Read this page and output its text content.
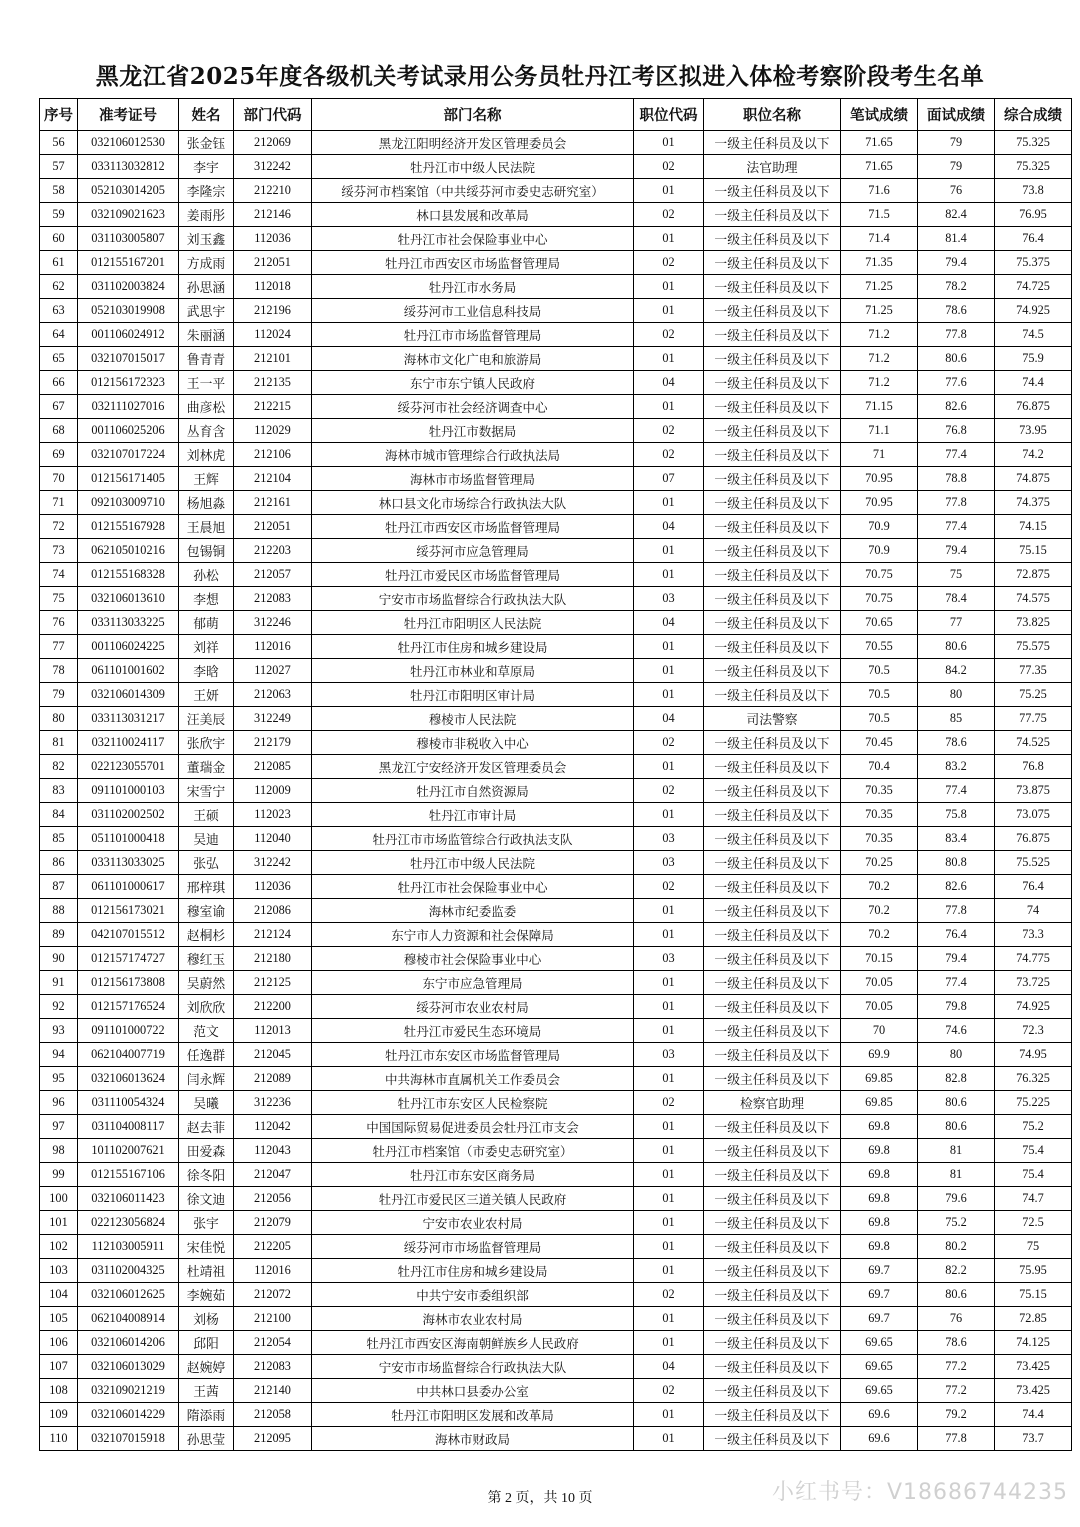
黑龙江省2025年度各级机关考试录用公务员牡丹江考区拟进入体检考察阶段考生名单
序号	准考证号	姓名	部门代码	部门名称	职位代码	职位名称	笔试成绩	面试成绩	综合成绩
56	032106012530	张金钰	212069	黑龙江阳明经济开发区管理委员会	01	一级主任科员及以下	71.65	79	75.325
57	033113032812	李宇	312242	牡丹江市中级人民法院	02	法官助理	71.65	79	75.325
58	052103014205	李隆宗	212210	绥芬河市档案馆（中共绥芬河市委史志研究室）	01	一级主任科员及以下	71.6	76	73.8
59	032109021623	姜雨彤	212146	林口县发展和改革局	02	一级主任科员及以下	71.5	82.4	76.95
60	031103005807	刘玉鑫	112036	牡丹江市社会保险事业中心	01	一级主任科员及以下	71.4	81.4	76.4
61	012155167201	方成雨	212051	牡丹江市西安区市场监督管理局	02	一级主任科员及以下	71.35	79.4	75.375
62	031102003824	孙思涵	112018	牡丹江市水务局	01	一级主任科员及以下	71.25	78.2	74.725
63	052103019908	武思宇	212196	绥芬河市工业信息科技局	01	一级主任科员及以下	71.25	78.6	74.925
64	001106024912	朱丽涵	112024	牡丹江市市场监督管理局	02	一级主任科员及以下	71.2	77.8	74.5
65	032107015017	鲁青青	212101	海林市文化广电和旅游局	01	一级主任科员及以下	71.2	80.6	75.9
66	012156172323	王一平	212135	东宁市东宁镇人民政府	04	一级主任科员及以下	71.2	77.6	74.4
67	032111027016	曲彦松	212215	绥芬河市社会经济调查中心	01	一级主任科员及以下	71.15	82.6	76.875
68	001106025206	丛育含	112029	牡丹江市数据局	02	一级主任科员及以下	71.1	76.8	73.95
69	032107017224	刘林虎	212106	海林市城市管理综合行政执法局	02	一级主任科员及以下	71	77.4	74.2
70	012156171405	王辉	212104	海林市市场监督管理局	07	一级主任科员及以下	70.95	78.8	74.875
71	092103009710	杨旭淼	212161	林口县文化市场综合行政执法大队	01	一级主任科员及以下	70.95	77.8	74.375
72	012155167928	王晨旭	212051	牡丹江市西安区市场监督管理局	04	一级主任科员及以下	70.9	77.4	74.15
73	062105010216	包锡铜	212203	绥芬河市应急管理局	01	一级主任科员及以下	70.9	79.4	75.15
74	012155168328	孙松	212057	牡丹江市爱民区市场监督管理局	01	一级主任科员及以下	70.75	75	72.875
75	032106013610	李想	212083	宁安市市场监督综合行政执法大队	03	一级主任科员及以下	70.75	78.4	74.575
76	033113033225	郁萌	312246	牡丹江市阳明区人民法院	04	一级主任科员及以下	70.65	77	73.825
77	001106024225	刘祥	112016	牡丹江市住房和城乡建设局	01	一级主任科员及以下	70.55	80.6	75.575
78	061101001602	李晗	112027	牡丹江市林业和草原局	01	一级主任科员及以下	70.5	84.2	77.35
79	032106014309	王妍	212063	牡丹江市阳明区审计局	01	一级主任科员及以下	70.5	80	75.25
80	033113031217	汪美辰	312249	穆棱市人民法院	04	司法警察	70.5	85	77.75
81	032110024117	张欣宇	212179	穆棱市非税收入中心	02	一级主任科员及以下	70.45	78.6	74.525
82	022123055701	董瑞金	212085	黑龙江宁安经济开发区管理委员会	01	一级主任科员及以下	70.4	83.2	76.8
83	091101000103	宋雪宁	112009	牡丹江市自然资源局	02	一级主任科员及以下	70.35	77.4	73.875
84	031102002502	王硕	112023	牡丹江市审计局	01	一级主任科员及以下	70.35	75.8	73.075
85	051101000418	吴迪	112040	牡丹江市市场监管综合行政执法支队	03	一级主任科员及以下	70.35	83.4	76.875
86	033113033025	张弘	312242	牡丹江市中级人民法院	03	一级主任科员及以下	70.25	80.8	75.525
87	061101000617	邢梓琪	112036	牡丹江市社会保险事业中心	02	一级主任科员及以下	70.2	82.6	76.4
88	012156173021	穆室谕	212086	海林市纪委监委	01	一级主任科员及以下	70.2	77.8	74
89	042107015512	赵桐杉	212124	东宁市人力资源和社会保障局	01	一级主任科员及以下	70.2	76.4	73.3
90	012157174727	穆红玉	212180	穆棱市社会保险事业中心	03	一级主任科员及以下	70.15	79.4	74.775
91	012156173808	吴蔚然	212125	东宁市应急管理局	01	一级主任科员及以下	70.05	77.4	73.725
92	012157176524	刘欣欣	212200	绥芬河市农业农村局	01	一级主任科员及以下	70.05	79.8	74.925
93	091101000722	范文	112013	牡丹江市爱民生态环境局	01	一级主任科员及以下	70	74.6	72.3
94	062104007719	任逸群	212045	牡丹江市东安区市场监督管理局	03	一级主任科员及以下	69.9	80	74.95
95	032106013624	闫永辉	212089	中共海林市直属机关工作委员会	01	一级主任科员及以下	69.85	82.8	76.325
96	031110054324	吴曦	312236	牡丹江市东安区人民检察院	02	检察官助理	69.85	80.6	75.225
97	031104008117	赵去菲	112042	中国国际贸易促进委员会牡丹江市支会	01	一级主任科员及以下	69.8	80.6	75.2
98	101102007621	田爱森	112043	牡丹江市档案馆（市委史志研究室）	01	一级主任科员及以下	69.8	81	75.4
99	012155167106	徐冬阳	212047	牡丹江市东安区商务局	01	一级主任科员及以下	69.8	81	75.4
100	032106011423	徐文迪	212056	牡丹江市爱民区三道关镇人民政府	01	一级主任科员及以下	69.8	79.6	74.7
101	022123056824	张宇	212079	宁安市农业农村局	01	一级主任科员及以下	69.8	75.2	72.5
102	112103005911	宋佳悦	212205	绥芬河市市场监督管理局	01	一级主任科员及以下	69.8	80.2	75
103	031102004325	杜靖祖	112016	牡丹江市住房和城乡建设局	01	一级主任科员及以下	69.7	82.2	75.95
104	032106012625	李婉茹	212072	中共宁安市委组织部	02	一级主任科员及以下	69.7	80.6	75.15
105	062104008914	刘杨	212100	海林市农业农村局	01	一级主任科员及以下	69.7	76	72.85
106	032106014206	邱阳	212054	牡丹江市西安区海南朝鲜族乡人民政府	01	一级主任科员及以下	69.65	78.6	74.125
107	032106013029	赵婉婷	212083	宁安市市场监督综合行政执法大队	04	一级主任科员及以下	69.65	77.2	73.425
108	032109021219	王茜	212140	中共林口县委办公室	02	一级主任科员及以下	69.65	77.2	73.425
109	032106014229	隋添雨	212058	牡丹江市阳明区发展和改革局	01	一级主任科员及以下	69.6	79.2	74.4
110	032107015918	孙思莹	212095	海林市财政局	01	一级主任科员及以下	69.6	77.8	73.7
第 2 页，共 10 页	小红书号：V18686744235
